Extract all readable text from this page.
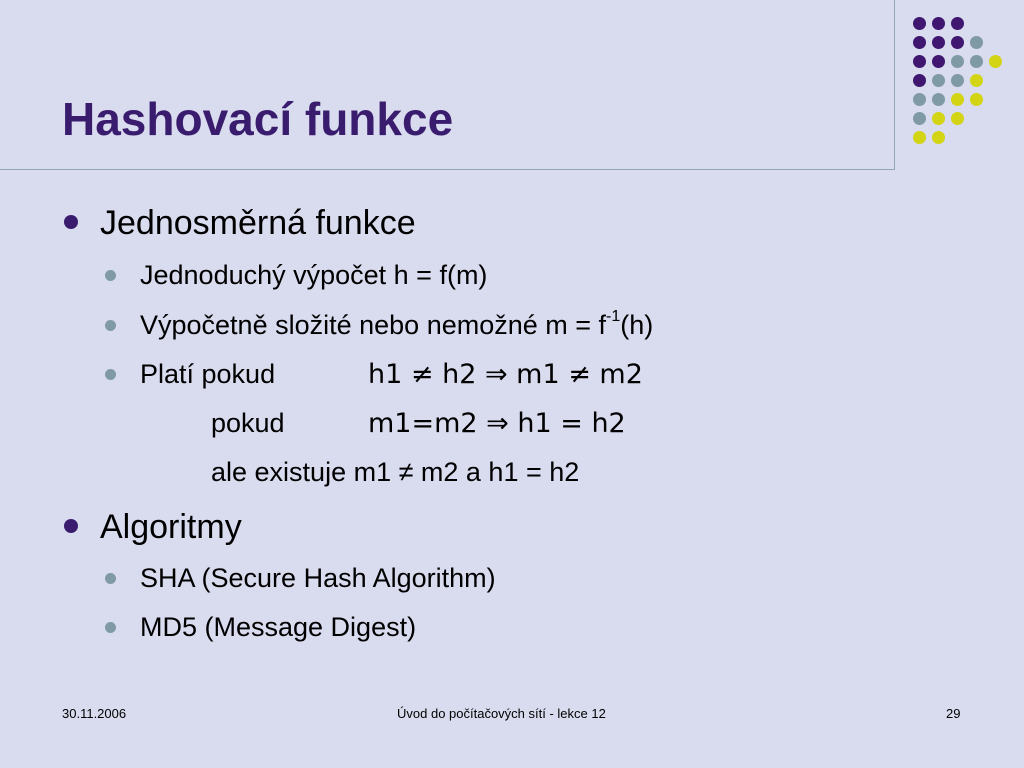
Hashovací funkce
Jednosměrná funkce
Jednoduchý výpočet h = f(m)
Výpočetně složité nebo nemožné $m = f^{-1}(h)$
Platí pokud	h1 ≠ h2 ⇒ m1 ≠ m2
pokud	m1=m2 ⇒ h1 = h2
ale existuje m1 ≠ m2 a h1 = h2
Algoritmy
SHA (Secure Hash Algorithm)
MD5 (Message Digest)
30.11.2006	Úvod do počítačových sítí - lekce 12	29
